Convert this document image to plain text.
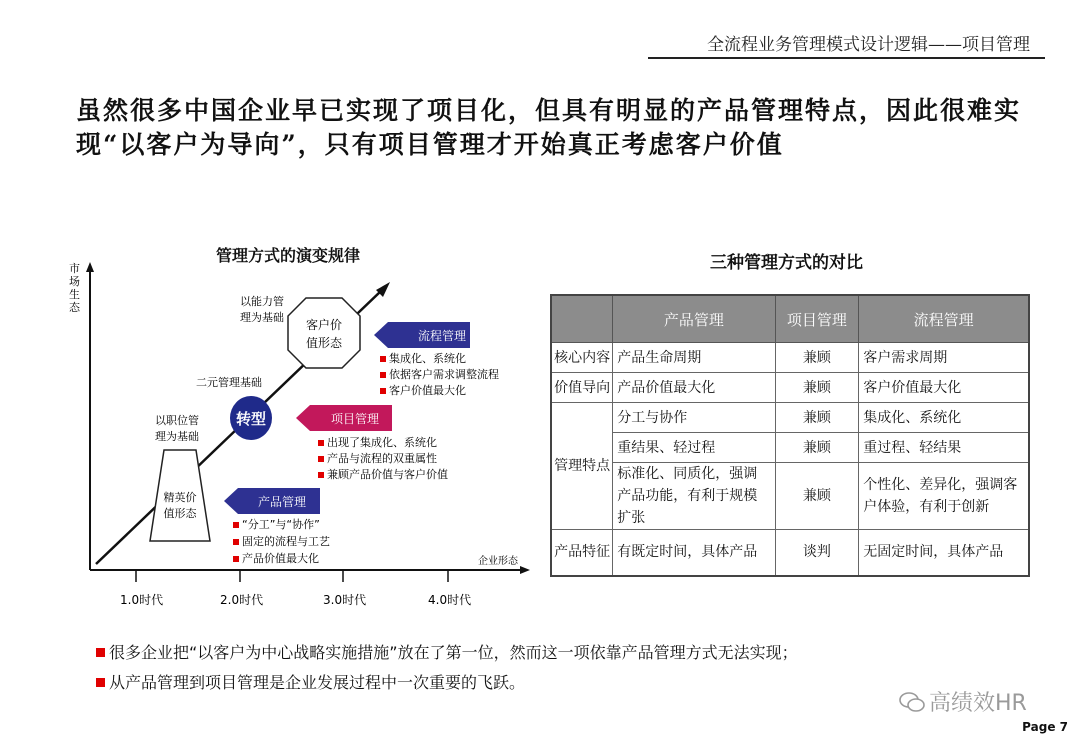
全流程业务管理模式设计逻辑——项目管理
虽然很多中国企业早已实现了项目化，但具有明显的产品管理特点，因此很难实现“以客户为导向”，只有项目管理才开始真正考虑客户价值
管理方式的演变规律
市
场
生
态
企业形态
1.0时代	2.0时代	3.0时代	4.0时代
精英价
值形态
以职位管
理为基础
转型
二元管理基础
客户价
值形态
以能力管
理为基础
流程管理
集成化、系统化
依据客户需求调整流程
客户价值最大化
项目管理
出现了集成化、系统化
产品与流程的双重属性
兼顾产品价值与客户价值
产品管理
“分工”与“协作”
固定的流程与工艺
产品价值最大化
三种管理方式的对比
	产品管理	项目管理	流程管理
核心内容	产品生命周期	兼顾	客户需求周期
价值导向	产品价值最大化	兼顾	客户价值最大化
管理特点	分工与协作	兼顾	集成化、系统化
	重结果、轻过程	兼顾	重过程、轻结果
	标准化、同质化，强调产品功能，有利于规模扩张	兼顾	个性化、差异化，强调客户体验，有利于创新
产品特征	有既定时间，具体产品	谈判	无固定时间，具体产品
很多企业把“以客户为中心战略实施措施”放在了第一位，然而这一项依靠产品管理方式无法实现；
从产品管理到项目管理是企业发展过程中一次重要的飞跃。
高绩效HR
Page 7
